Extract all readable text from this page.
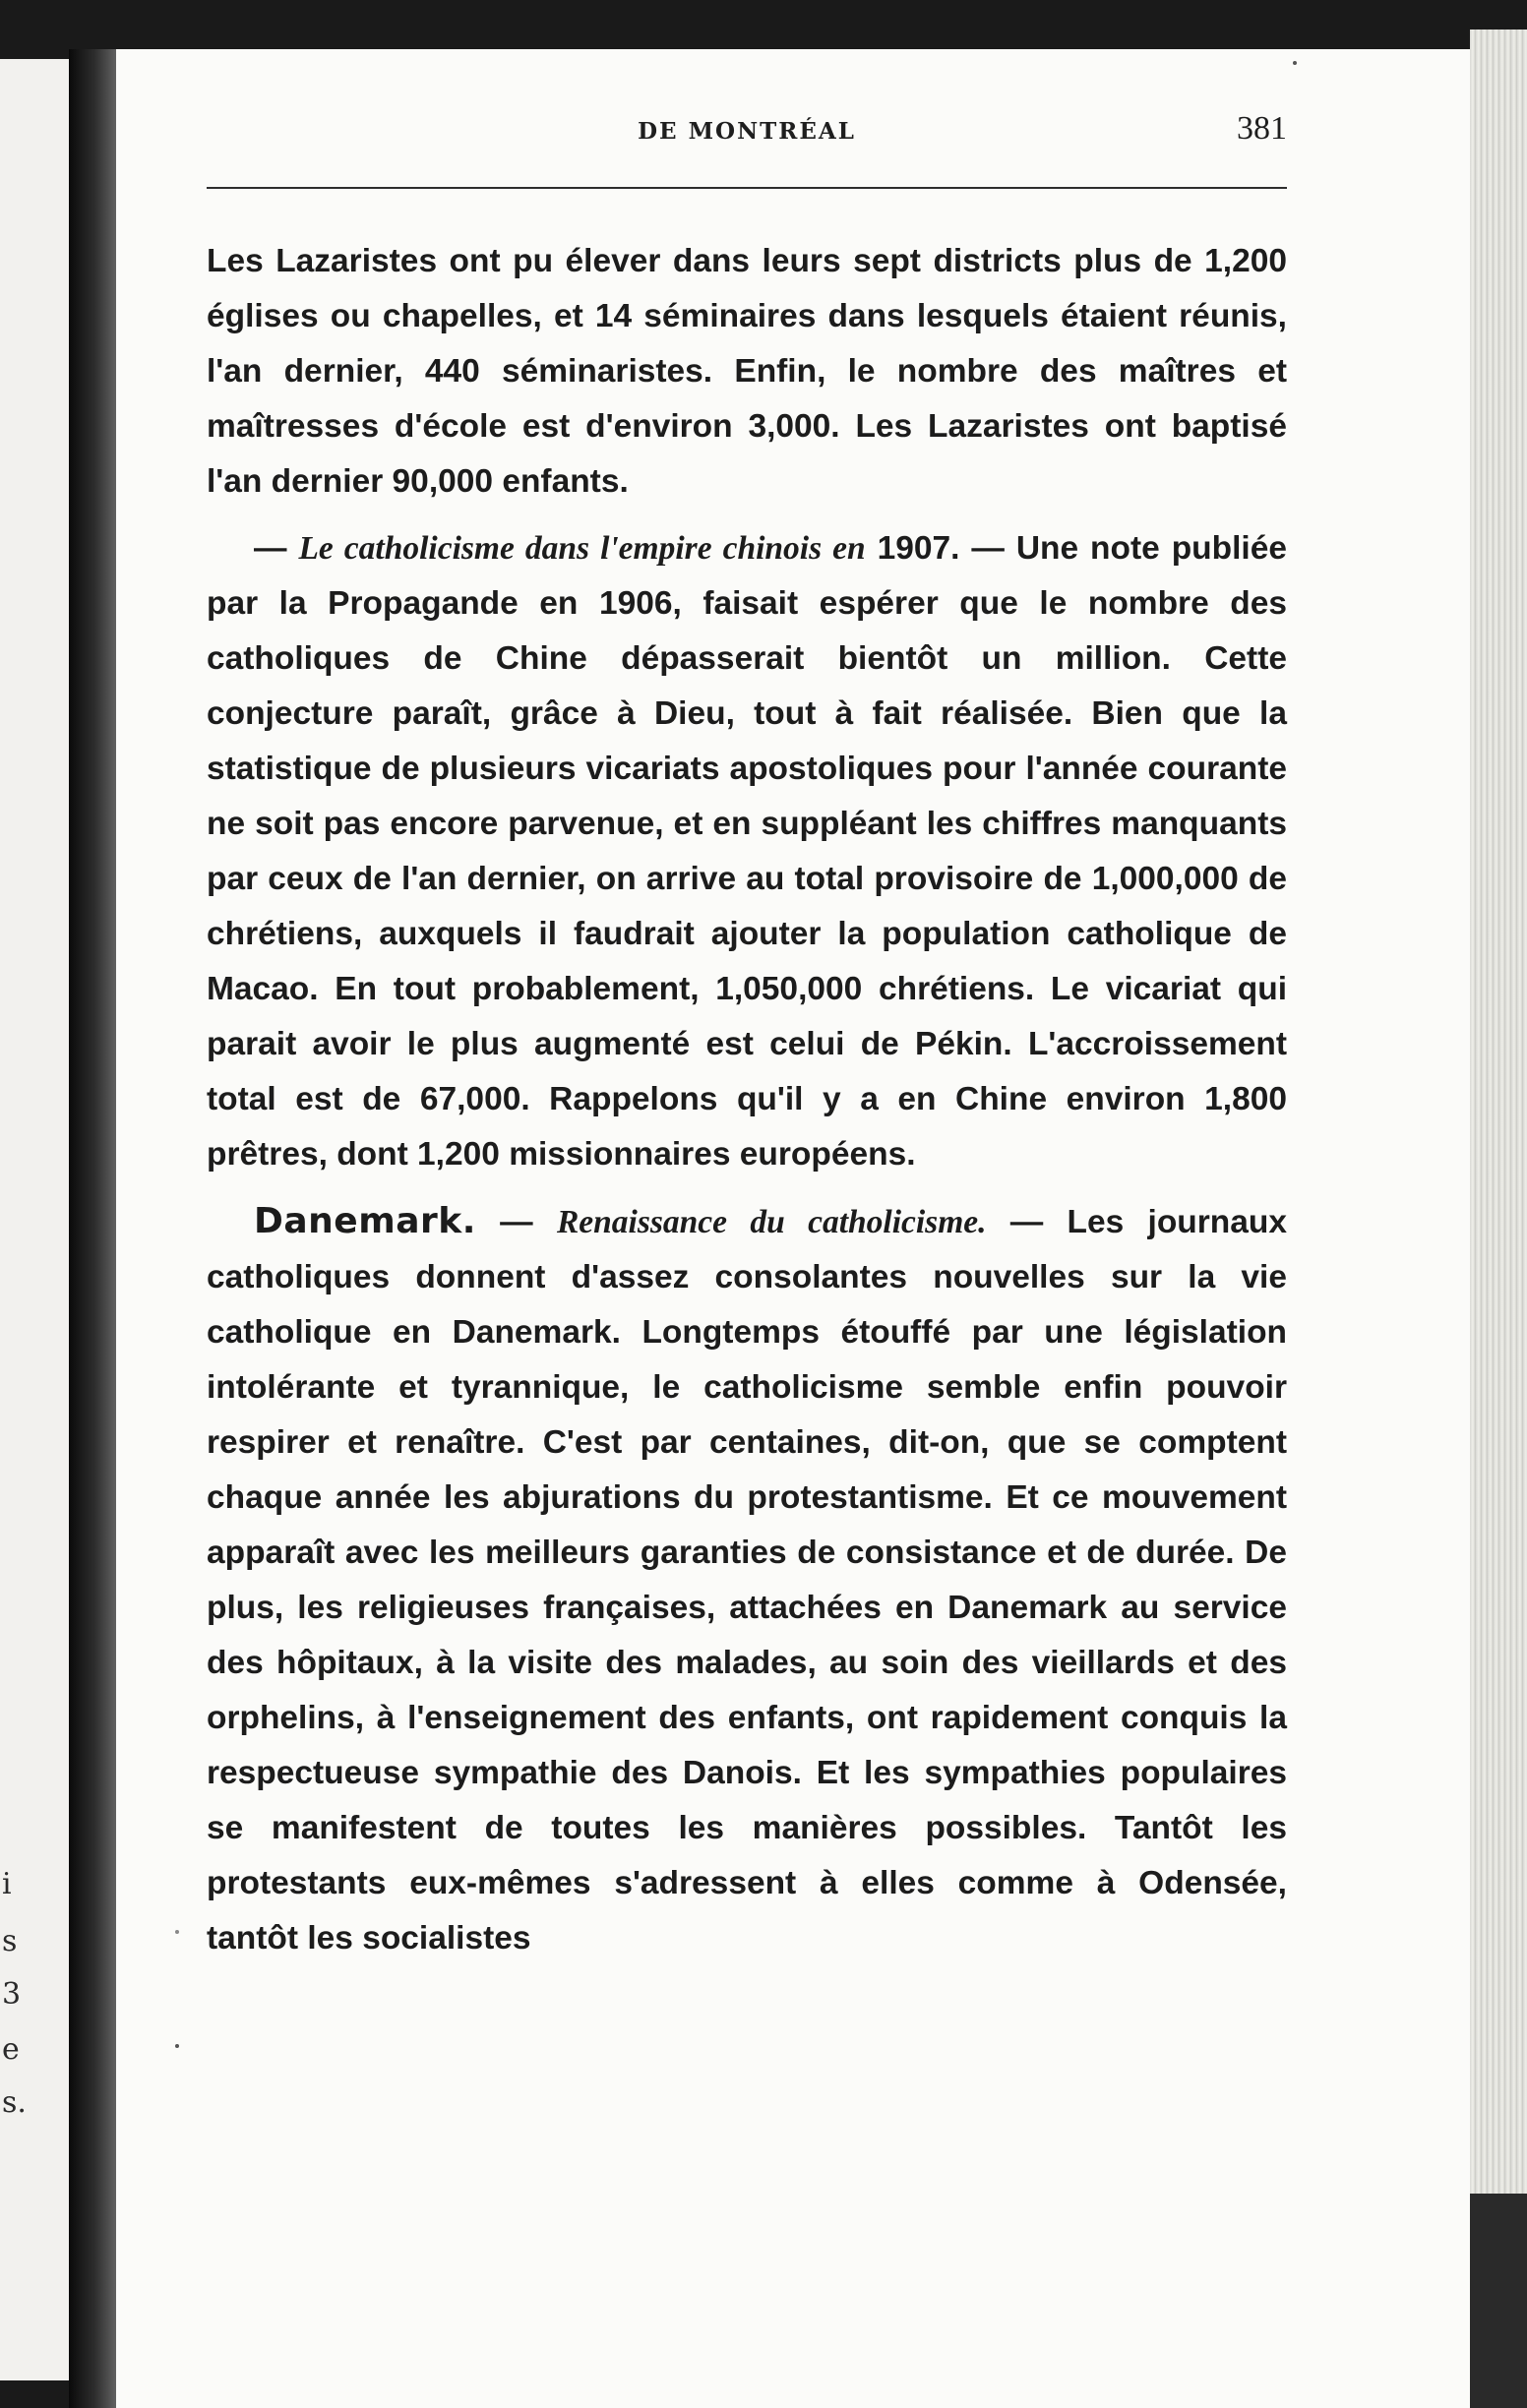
i
s
3
e
s.
DE MONTRÉAL	381

Les Lazaristes ont pu élever dans leurs sept districts plus de 1,200 églises ou chapelles, et 14 séminaires dans lesquels étaient réunis, l'an dernier, 440 séminaristes. Enfin, le nombre des maîtres et maîtresses d'école est d'environ 3,000. Les Lazaristes ont baptisé l'an dernier 90,000 enfants.

— Le catholicisme dans l'empire chinois en 1907. — Une note publiée par la Propagande en 1906, faisait espérer que le nombre des catholiques de Chine dépasserait bientôt un million. Cette conjecture paraît, grâce à Dieu, tout à fait réalisée. Bien que la statistique de plusieurs vicariats apostoliques pour l'année courante ne soit pas encore parvenue, et en suppléant les chiffres manquants par ceux de l'an dernier, on arrive au total provisoire de 1,000,000 de chrétiens, auxquels il faudrait ajouter la population catholique de Macao. En tout probablement, 1,050,000 chrétiens. Le vicariat qui parait avoir le plus augmenté est celui de Pékin. L'accroissement total est de 67,000. Rappelons qu'il y a en Chine environ 1,800 prêtres, dont 1,200 missionnaires européens.

Danemark. — Renaissance du catholicisme. — Les journaux catholiques donnent d'assez consolantes nouvelles sur la vie catholique en Danemark. Longtemps étouffé par une législation intolérante et tyrannique, le catholicisme semble enfin pouvoir respirer et renaître. C'est par centaines, dit-on, que se comptent chaque année les abjurations du protestantisme. Et ce mouvement apparaît avec les meilleurs garanties de consistance et de durée. De plus, les religieuses françaises, attachées en Danemark au service des hôpitaux, à la visite des malades, au soin des vieillards et des orphelins, à l'enseignement des enfants, ont rapidement conquis la respectueuse sympathie des Danois. Et les sympathies populaires se manifestent de toutes les manières possibles. Tantôt les protestants eux-mêmes s'adressent à elles comme à Odensée, tantôt les socialistes
